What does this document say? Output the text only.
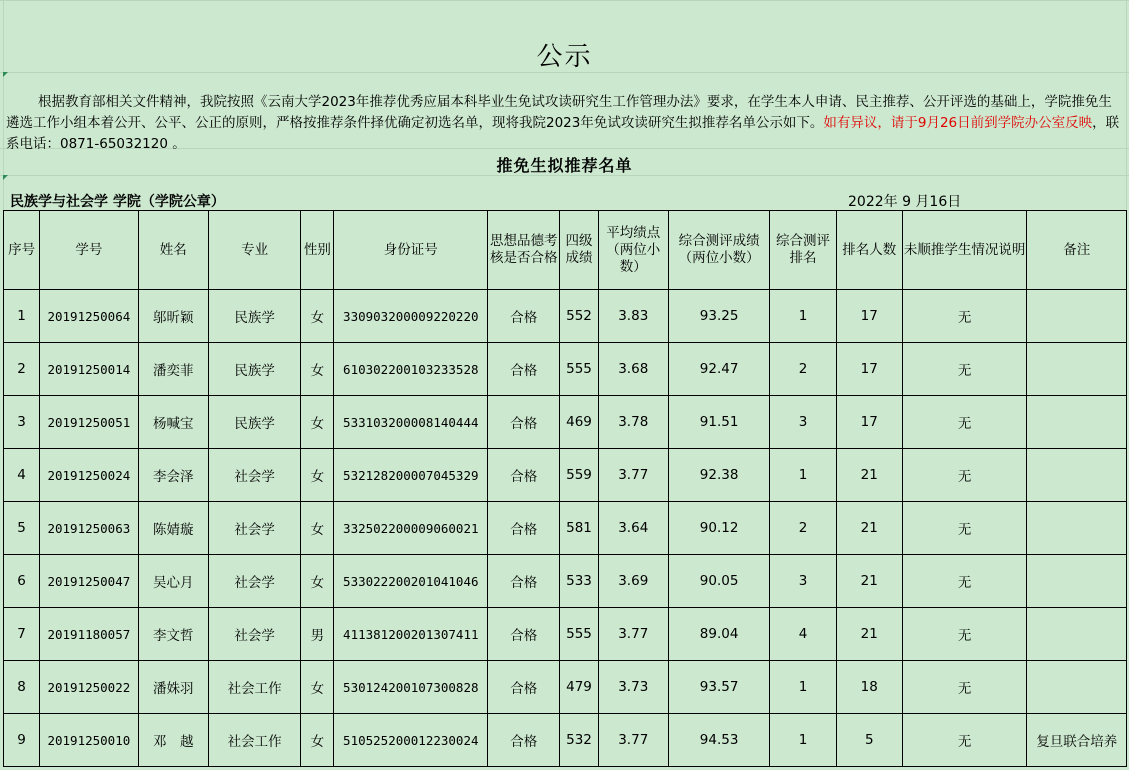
公示
根据教育部相关文件精神，我院按照《云南大学2023年推荐优秀应届本科毕业生免试攻读研究生工作管理办法》要求，在学生本人申请、民主推荐、公开评选的基础上，学院推免生遴选工作小组本着公开、公平、公正的原则，严格按推荐条件择优确定初选名单，现将我院2023年免试攻读研究生拟推荐名单公示如下。如有异议，请于9月26日前到学院办公室反映，联系电话：0871-65032120 。
推免生拟推荐名单
民族学与社会学 学院（学院公章）	2022年 9 月16日
序号	学号	姓名	专业	性别	身份证号	思想品德考核是否合格	四级成绩	平均绩点（两位小数）	综合测评成绩（两位小数）	综合测评排名	排名人数	未顺推学生情况说明	备注
1	20191250064	邬昕颖	民族学	女	330903200009220220	合格	552	3.83	93.25	1	17	无	
2	20191250014	潘奕菲	民族学	女	610302200103233528	合格	555	3.68	92.47	2	17	无	
3	20191250051	杨喊宝	民族学	女	533103200008140444	合格	469	3.78	91.51	3	17	无	
4	20191250024	李会泽	社会学	女	532128200007045329	合格	559	3.77	92.38	1	21	无	
5	20191250063	陈婧璇	社会学	女	332502200009060021	合格	581	3.64	90.12	2	21	无	
6	20191250047	吴心月	社会学	女	533022200201041046	合格	533	3.69	90.05	3	21	无	
7	20191180057	李文哲	社会学	男	411381200201307411	合格	555	3.77	89.04	4	21	无	
8	20191250022	潘姝羽	社会工作	女	530124200107300828	合格	479	3.73	93.57	1	18	无	
9	20191250010	邓　越	社会工作	女	510525200012230024	合格	532	3.77	94.53	1	5	无	复旦联合培养
